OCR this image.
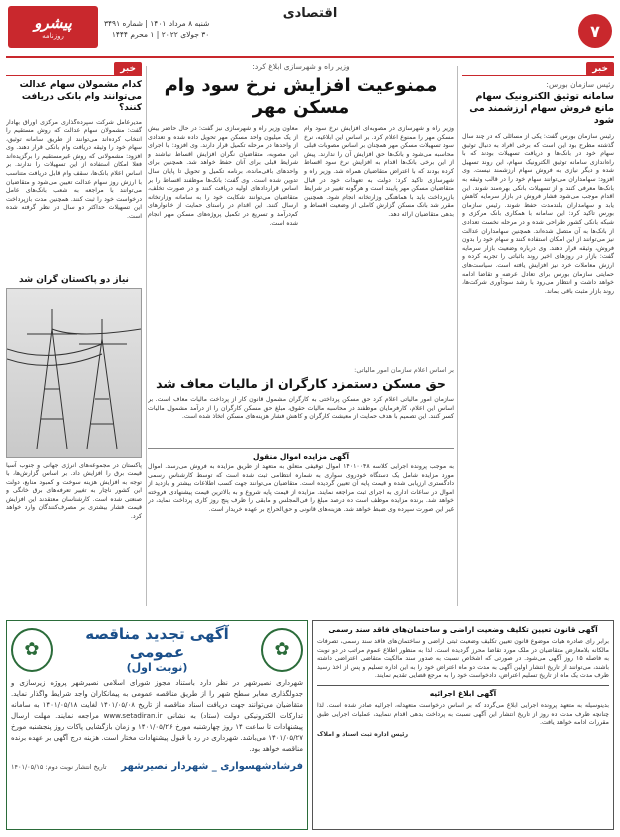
۷
اقتصادی
پیشرو
روزنامه
شنبه ۸ مرداد ۱۴۰۱ | شماره ۳۴۹۱
۳۰ جولای ۲۰۲۲ | ۱ محرم ۱۴۴۴
خبر
رئیس سازمان بورس:
سامانه توثیق الکترونیک سهام مانع فروش سهام ارزشمند می شود
رئیس سازمان بورس گفت: یکی از مسائلی که در چند سال گذشته مطرح بود این است که برخی افراد به دنبال توثیق سهام خود در بانک‌ها و دریافت تسهیلات بودند که با راه‌اندازی سامانه توثیق الکترونیک سهام، این روند تسهیل شده و دیگر نیازی به فروش سهام ارزشمند نیست. وی افزود: سهامداران می‌توانند سهام خود را در قالب وثیقه به بانک‌ها معرفی کنند و از تسهیلات بانکی بهره‌مند شوند. این اقدام موجب می‌شود فشار فروش در بازار سرمایه کاهش یابد و سهامداران بلندمدت حفظ شوند. رئیس سازمان بورس تاکید کرد: این سامانه با همکاری بانک مرکزی و شبکه بانکی کشور طراحی شده و در مرحله نخست تعدادی از بانک‌ها به آن متصل شده‌اند. همچنین سهامداران عدالت نیز می‌توانند از این امکان استفاده کنند و سهام خود را بدون فروش، وثیقه قرار دهند. وی درباره وضعیت بازار سرمایه گفت: بازار در روزهای اخیر روند باثباتی را تجربه کرده و ارزش معاملات خرد نیز افزایش یافته است. سیاست‌های حمایتی سازمان بورس برای تعادل عرضه و تقاضا ادامه خواهد داشت و انتظار می‌رود با رشد سودآوری شرکت‌ها، روند بازار مثبت باقی بماند.
وزیر راه و شهرسازی ابلاغ کرد:
ممنوعیت افزایش نرخ سود وام مسکن مهر
وزیر راه و شهرسازی در مصوبه‌ای افزایش نرخ سود وام مسکن مهر را ممنوع اعلام کرد. بر اساس این ابلاغیه، نرخ سود تسهیلات مسکن مهر همچنان بر اساس مصوبات قبلی محاسبه می‌شود و بانک‌ها حق افزایش آن را ندارند. پیش از این برخی بانک‌ها اقدام به افزایش نرخ سود اقساط کرده بودند که با اعتراض متقاضیان همراه شد. وزیر راه و شهرسازی تاکید کرد: دولت به تعهدات خود در قبال متقاضیان مسکن مهر پایبند است و هرگونه تغییر در شرایط بازپرداخت باید با هماهنگی وزارتخانه انجام شود. همچنین مقرر شد بانک مسکن گزارش کاملی از وضعیت اقساط و بدهی متقاضیان ارائه دهد.
معاون وزیر راه و شهرسازی نیز گفت: در حال حاضر بیش از یک میلیون واحد مسکن مهر تحویل داده شده و تعدادی از واحدها در مرحله تکمیل قرار دارند. وی افزود: با اجرای این مصوبه، متقاضیان نگران افزایش اقساط نباشند و شرایط قبلی برای آنان حفظ خواهد شد. همچنین برای واحدهای باقی‌مانده، برنامه تکمیل و تحویل تا پایان سال تدوین شده است. وی گفت: بانک‌ها موظفند اقساط را بر اساس قراردادهای اولیه دریافت کنند و در صورت تخلف، متقاضیان می‌توانند شکایت خود را به سامانه وزارتخانه ارسال کنند. این اقدام در راستای حمایت از خانوارهای کم‌درآمد و تسریع در تکمیل پروژه‌های مسکن مهر انجام شده است.
بر اساس اعلام سازمان امور مالیاتی:
حق مسکن دستمزد کارگران از مالیات معاف شد
سازمان امور مالیاتی اعلام کرد حق مسکن پرداختی به کارگران مشمول قانون کار از پرداخت مالیات معاف است. بر اساس این اعلام، کارفرمایان موظفند در محاسبه مالیات حقوق، مبلغ حق مسکن کارگران را از درآمد مشمول مالیات کسر کنند. این تصمیم با هدف حمایت از معیشت کارگران و کاهش فشار هزینه‌های مسکن اتخاذ شده است.
آگهی مزایده اموال منقول
به موجب پرونده اجرایی کلاسه ۱۴۰۱۰۰۴۸ اموال توقیفی متعلق به متعهد از طریق مزایده به فروش می‌رسد. اموال مورد مزایده شامل یک دستگاه خودروی سواری به شماره انتظامی ثبت شده است که توسط کارشناس رسمی دادگستری ارزیابی شده و قیمت پایه آن تعیین گردیده است. متقاضیان می‌توانند جهت کسب اطلاعات بیشتر و بازدید از اموال در ساعات اداری به اجرای ثبت مراجعه نمایند. مزایده از قیمت پایه شروع و به بالاترین قیمت پیشنهادی فروخته خواهد شد. برنده مزایده موظف است ده درصد مبلغ را فی‌المجلس و مابقی را ظرف پنج روز کاری پرداخت نماید، در غیر این صورت سپرده وی ضبط خواهد شد. هزینه‌های قانونی و حق‌الحراج بر عهده خریدار است.
خبر
کدام مشمولان سهام عدالت می‌توانند وام بانکی دریافت کنند؟
مدیرعامل شرکت سپرده‌گذاری مرکزی اوراق بهادار گفت: مشمولان سهام عدالت که روش مستقیم را انتخاب کرده‌اند می‌توانند از طریق سامانه توثیق، سهام خود را وثیقه دریافت وام بانکی قرار دهند. وی افزود: مشمولانی که روش غیرمستقیم را برگزیده‌اند فعلا امکان استفاده از این تسهیلات را ندارند. بر اساس اعلام بانک‌ها، سقف وام قابل دریافت متناسب با ارزش روز سهام عدالت تعیین می‌شود و متقاضیان می‌توانند با مراجعه به شعب بانک‌های عامل درخواست خود را ثبت کنند. همچنین مدت بازپرداخت این تسهیلات حداکثر دو سال در نظر گرفته شده است.
نیاز دو پاکستان گران شد
پاکستان در مجموعه‌های انرژی جهانی و جنوب آسیا قیمت برق را افزایش داد. بر اساس گزارش‌ها، با توجه به افزایش هزینه سوخت و کمبود منابع، دولت این کشور ناچار به تغییر تعرفه‌های برق خانگی و صنعتی شده است. کارشناسان معتقدند این افزایش قیمت فشار بیشتری بر مصرف‌کنندگان وارد خواهد کرد.
آگهی قانون تعیین تکلیف وضعیت اراضی و ساختمان‌های فاقد سند رسمی
برابر رای صادره هیات موضوع قانون تعیین تکلیف وضعیت ثبتی اراضی و ساختمان‌های فاقد سند رسمی، تصرفات مالکانه بلامعارض متقاضیان در ملک مورد تقاضا محرز گردیده است. لذا به منظور اطلاع عموم مراتب در دو نوبت به فاصله ۱۵ روز آگهی می‌شود. در صورتی که اشخاص نسبت به صدور سند مالکیت متقاضی اعتراضی داشته باشند، می‌توانند از تاریخ انتشار اولین آگهی به مدت دو ماه اعتراض خود را به این اداره تسلیم و پس از اخذ رسید ظرف مدت یک ماه از تاریخ تسلیم اعتراض، دادخواست خود را به مرجع قضایی تقدیم نمایند.
آگهی ابلاغ اجرائیه
بدینوسیله به متعهد پرونده اجرایی ابلاغ می‌گردد که بر اساس درخواست متعهدله، اجرائیه صادر شده است. لذا چنانچه ظرف مدت ده روز از تاریخ انتشار این آگهی نسبت به پرداخت بدهی اقدام ننمایید، عملیات اجرایی طبق مقررات ادامه خواهد یافت.
رئیس اداره ثبت اسناد و املاک
✿
آگهی تجدید مناقصه عمومی
(نوبت اول)
✿
شهرداری نصیرشهر در نظر دارد باستناد مجوز شورای اسلامی نصیرشهر پروژه زیرسازی و جدولگذاری معابر سطح شهر را از طریق مناقصه عمومی به پیمانکاران واجد شرایط واگذار نماید. متقاضیان می‌توانند جهت دریافت اسناد مناقصه از تاریخ ۱۴۰۱/۰۵/۰۸ لغایت ۱۴۰۱/۰۵/۱۸ به سامانه تدارکات الکترونیکی دولت (ستاد) به نشانی www.setadiran.ir مراجعه نمایند. مهلت ارسال پیشنهادات تا ساعت ۱۴ روز چهارشنبه مورخ ۱۴۰۱/۰۵/۲۶ و زمان بازگشایی پاکات روز پنجشنبه مورخ ۱۴۰۱/۰۵/۲۷ می‌باشد. شهرداری در رد یا قبول پیشنهادات مختار است. هزینه درج آگهی بر عهده برنده مناقصه خواهد بود.
فرشادشهسواری _ شهردار نصیرشهر
تاریخ انتشار نوبت دوم: ۱۴۰۱/۰۵/۱۵
